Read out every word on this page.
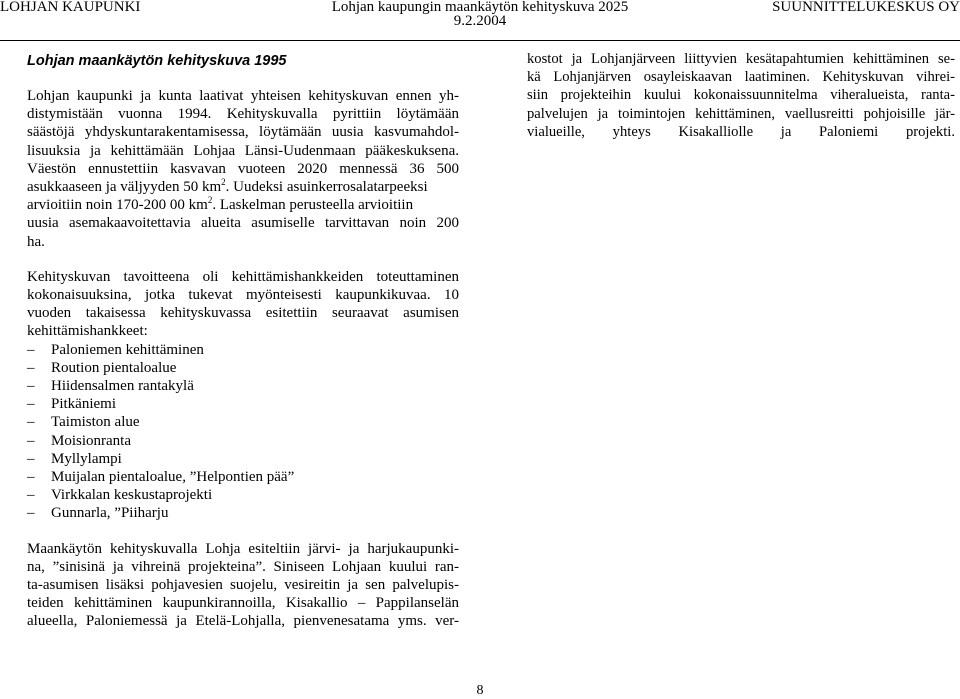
LOHJAN KAUPUNKI	Lohjan kaupungin maankäytön kehityskuva 2025
9.2.2004
SUUNNITTELUKESKUS OY
Lohjan maankäytön kehityskuva 1995
Lohjan kaupunki ja kunta laativat yhteisen kehityskuvan ennen yh-
distymistään vuonna 1994. Kehityskuvalla pyrittiin löytämään
säästöjä yhdyskuntarakentamisessa, löytämään uusia kasvumahdol-
lisuuksia ja kehittämään Lohjaa Länsi-Uudenmaan pääkeskuksena.
Väestön ennustettiin kasvavan vuoteen 2020 mennessä 36 500
asukkaaseen ja väljyyden 50 $km^2$. Uudeksi asuinkerrosalatarpeeksi
arvioitiin noin 170-200 00 $km^2$. Laskelman perusteella arvioitiin
uusia asemakaavoitettavia alueita asumiselle tarvittavan noin 200
ha.
Kehityskuvan tavoitteena oli kehittämishankkeiden toteuttaminen
kokonaisuuksina, jotka tukevat myönteisesti kaupunkikuvaa. 10
vuoden takaisessa kehityskuvassa esitettiin seuraavat asumisen
kehittämishankkeet:
– Paloniemen kehittäminen
– Roution pientaloalue
– Hiidensalmen rantakylä
– Pitkäniemi
– Taimiston alue
– Moisionranta
– Myllylampi
– Muijalan pientaloalue, ”Helpontien pää”
– Virkkalan keskustaprojekti
– Gunnarla, ”Piiharju
Maankäytön kehityskuvalla Lohja esiteltiin järvi- ja harjukaupunki-
na, ”sinisinä ja vihreinä projekteina”. Siniseen Lohjaan kuului ran-
ta-asumisen lisäksi pohjavesien suojelu, vesireitin ja sen palvelupis-
teiden kehittäminen kaupunkirannoilla, Kisakallio – Pappilanselän
alueella, Paloniemessä ja Etelä-Lohjalla, pienvenesatama yms. ver-
kostot ja Lohjanjärveen liittyvien kesätapahtumien kehittäminen se-
kä Lohjanjärven osayleiskaavan laatiminen. Kehityskuvan vihrei-
siin projekteihin kuului kokonaissuunnitelma viheralueista, ranta-
palvelujen ja toimintojen kehittäminen, vaellusreitti pohjoisille jär-
vialueille, yhteys Kisakalliolle ja Paloniemi projekti.
8
